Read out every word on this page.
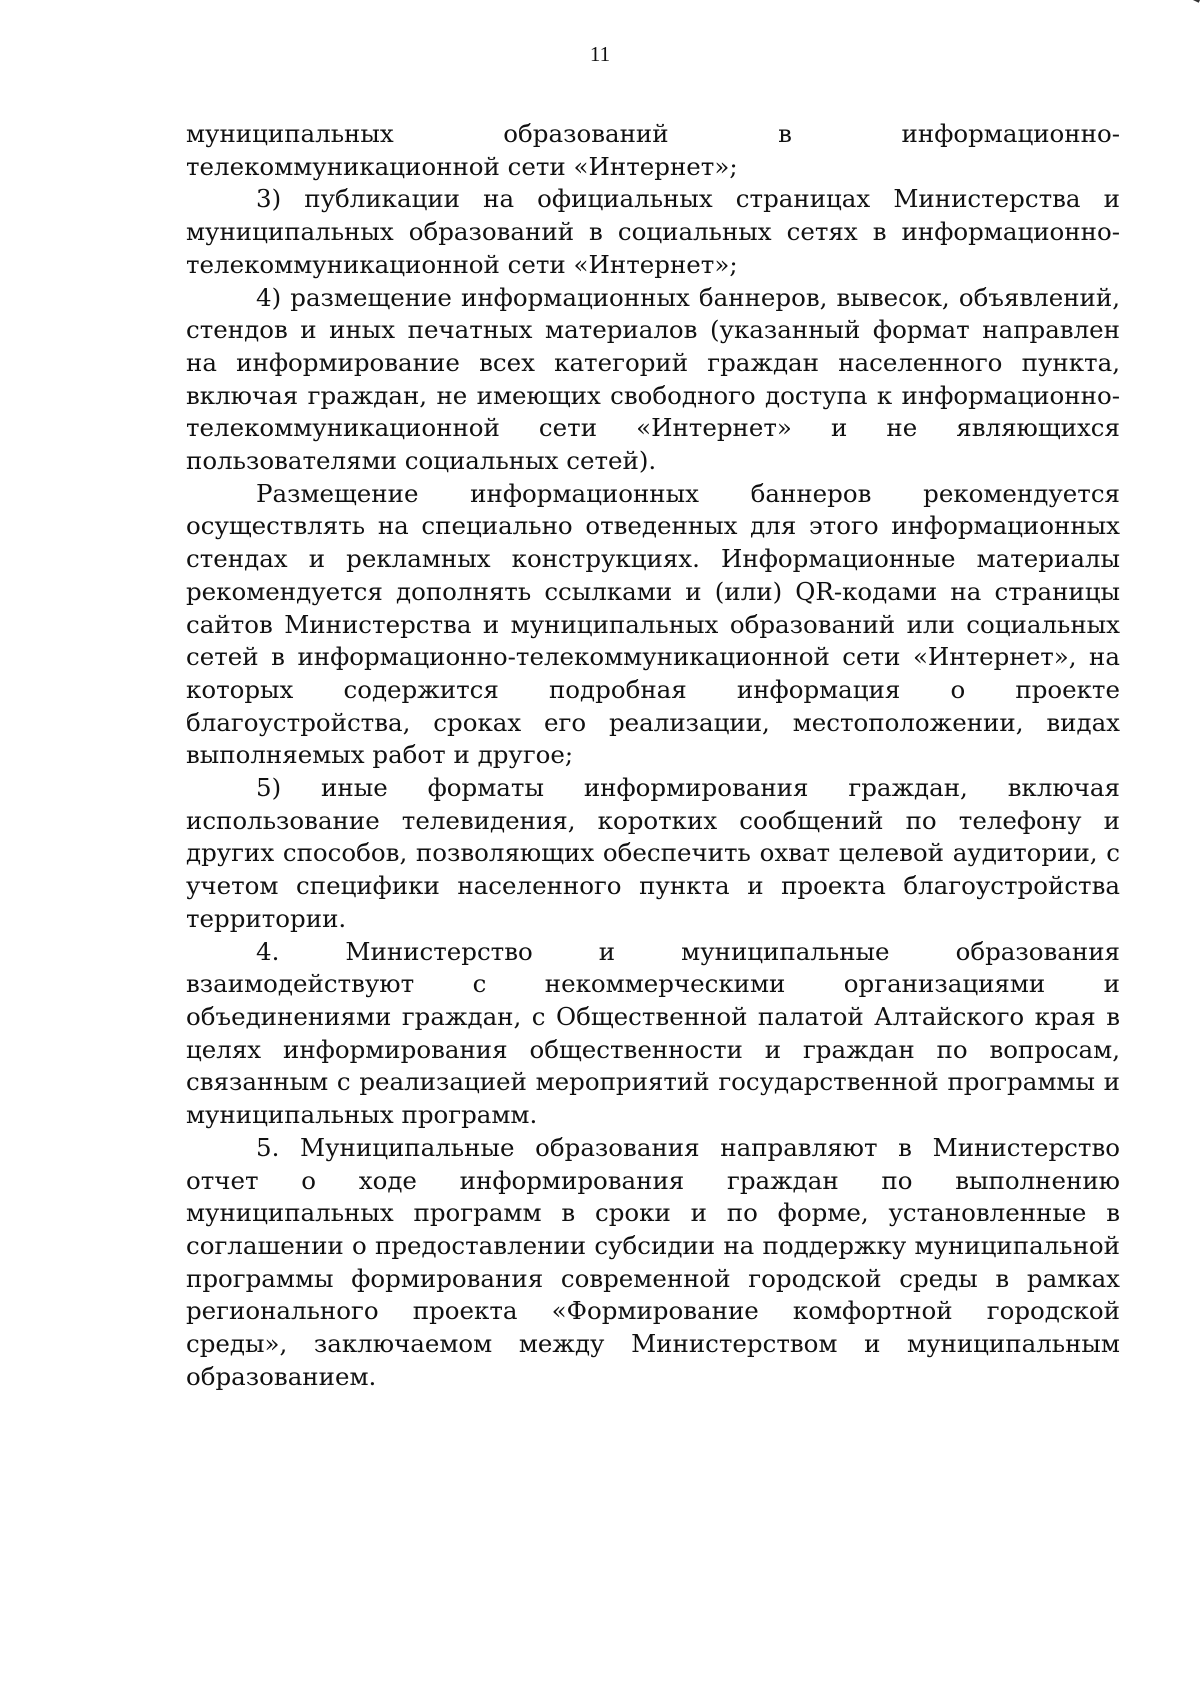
11

муниципальных образований в информационно-телекоммуникационной сети «Интернет»;

3) публикации на официальных страницах Министерства и муниципальных образований в социальных сетях в информационно-телекоммуникационной сети «Интернет»;

4) размещение информационных баннеров, вывесок, объявлений, стендов и иных печатных материалов (указанный формат направлен на информирование всех категорий граждан населенного пункта, включая граждан, не имеющих свободного доступа к информационно-телекоммуникационной сети «Интернет» и не являющихся пользователями социальных сетей).

Размещение информационных баннеров рекомендуется осуществлять на специально отведенных для этого информационных стендах и рекламных конструкциях. Информационные материалы рекомендуется дополнять ссылками и (или) QR-кодами на страницы сайтов Министерства и муниципальных образований или социальных сетей в информационно-телекоммуникационной сети «Интернет», на которых содержится подробная информация о проекте благоустройства, сроках его реализации, местоположении, видах выполняемых работ и другое;

5) иные форматы информирования граждан, включая использование телевидения, коротких сообщений по телефону и других способов, позволяющих обеспечить охват целевой аудитории, с учетом специфики населенного пункта и проекта благоустройства территории.

4. Министерство и муниципальные образования взаимодействуют с некоммерческими организациями и объединениями граждан, с Общественной палатой Алтайского края в целях информирования общественности и граждан по вопросам, связанным с реализацией мероприятий государственной программы и муниципальных программ.

5. Муниципальные образования направляют в Министерство отчет о ходе информирования граждан по выполнению муниципальных программ в сроки и по форме, установленные в соглашении о предоставлении субсидии на поддержку муниципальной программы формирования современной городской среды в рамках регионального проекта «Формирование комфортной городской среды», заключаемом между Министерством и муниципальным образованием.
